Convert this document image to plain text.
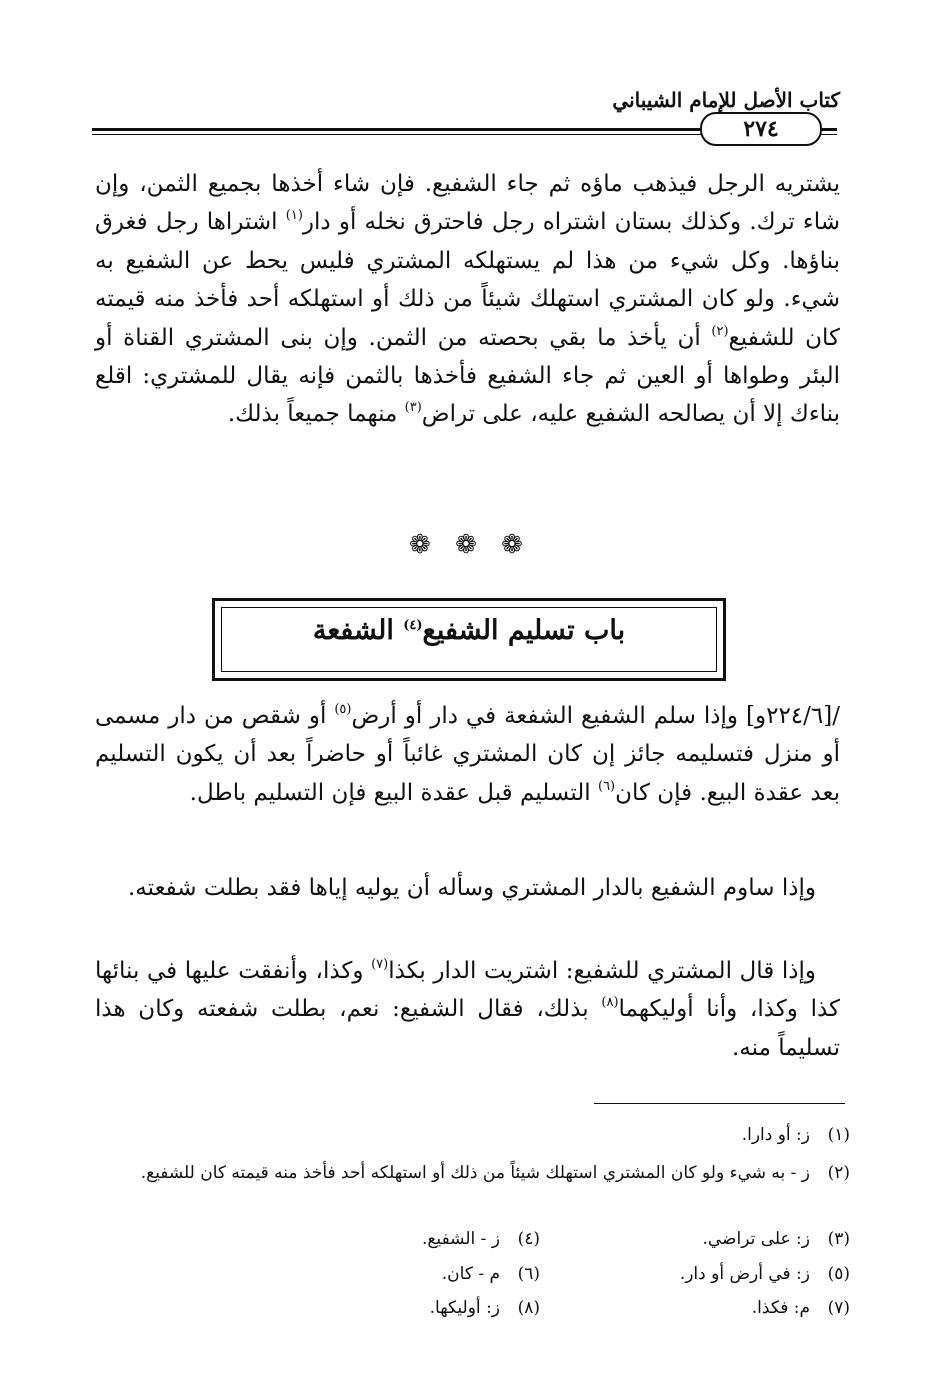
كتاب الأصل للإمام الشيباني
٢٧٤
يشتريه الرجل فيذهب ماؤه ثم جاء الشفيع. فإن شاء أخذها بجميع الثمن، وإن شاء ترك. وكذلك بستان اشتراه رجل فاحترق نخله أو دار$^{(١)}$ اشتراها رجل فغرق بناؤها. وكل شيء من هذا لم يستهلكه المشتري فليس يحط عن الشفيع به شيء. ولو كان المشتري استهلك شيئاً من ذلك أو استهلكه أحد فأخذ منه قيمته كان للشفيع$^{(٢)}$ أن يأخذ ما بقي بحصته من الثمن. وإن بنى المشتري القناة أو البئر وطواها أو العين ثم جاء الشفيع فأخذها بالثمن فإنه يقال للمشتري: اقلع بناءك إلا أن يصالحه الشفيع عليه، على تراض$^{(٣)}$ منهما جميعاً بذلك.
❁ ❁ ❁
باب تسليم الشفيع$^{(٤)}$ الشفعة
/[٢٢٤/٦و] وإذا سلم الشفيع الشفعة في دار أو أرض$^{(٥)}$ أو شقص من دار مسمى أو منزل فتسليمه جائز إن كان المشتري غائباً أو حاضراً بعد أن يكون التسليم بعد عقدة البيع. فإن كان$^{(٦)}$ التسليم قبل عقدة البيع فإن التسليم باطل.
وإذا ساوم الشفيع بالدار المشتري وسأله أن يوليه إياها فقد بطلت شفعته.
وإذا قال المشتري للشفيع: اشتريت الدار بكذا$^{(٧)}$ وكذا، وأنفقت عليها في بنائها كذا وكذا، وأنا أوليكهما$^{(٨)}$ بذلك، فقال الشفيع: نعم، بطلت شفعته وكان هذا تسليماً منه.
(١)
ز: أو دارا.
(٢)
ز - به شيء ولو كان المشتري استهلك شيئاً من ذلك أو استهلكه أحد فأخذ منه قيمته كان للشفيع.
(٣)
ز: على تراضي.
(٤)
ز - الشفيع.
(٥)
ز: في أرض أو دار.
(٦)
م - كان.
(٧)
م: فكذا.
(٨)
ز: أوليكها.
